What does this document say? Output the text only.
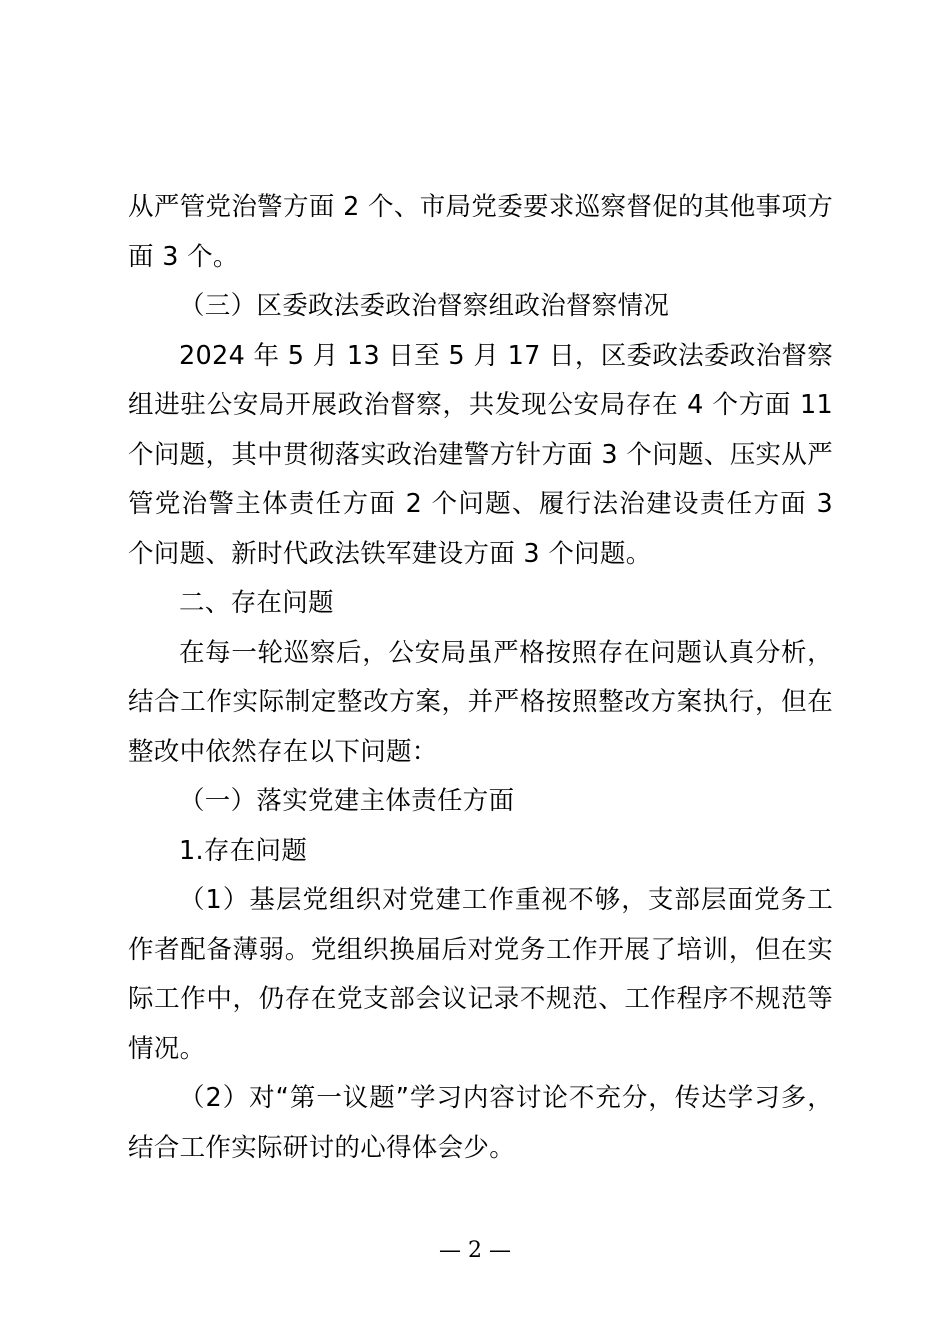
从严管党治警方面 2 个、市局党委要求巡察督促的其他事项方面 3 个。

（三）区委政法委政治督察组政治督察情况

2024 年 5 月 13 日至 5 月 17 日，区委政法委政治督察组进驻公安局开展政治督察，共发现公安局存在 4 个方面 11 个问题，其中贯彻落实政治建警方针方面 3 个问题、压实从严管党治警主体责任方面 2 个问题、履行法治建设责任方面 3 个问题、新时代政法铁军建设方面 3 个问题。

二、存在问题

在每一轮巡察后，公安局虽严格按照存在问题认真分析，结合工作实际制定整改方案，并严格按照整改方案执行，但在整改中依然存在以下问题：

（一）落实党建主体责任方面

1.存在问题

（1）基层党组织对党建工作重视不够，支部层面党务工作者配备薄弱。党组织换届后对党务工作开展了培训，但在实际工作中，仍存在党支部会议记录不规范、工作程序不规范等情况。

（2）对“第一议题”学习内容讨论不充分，传达学习多，结合工作实际研讨的心得体会少。

— 2 —
